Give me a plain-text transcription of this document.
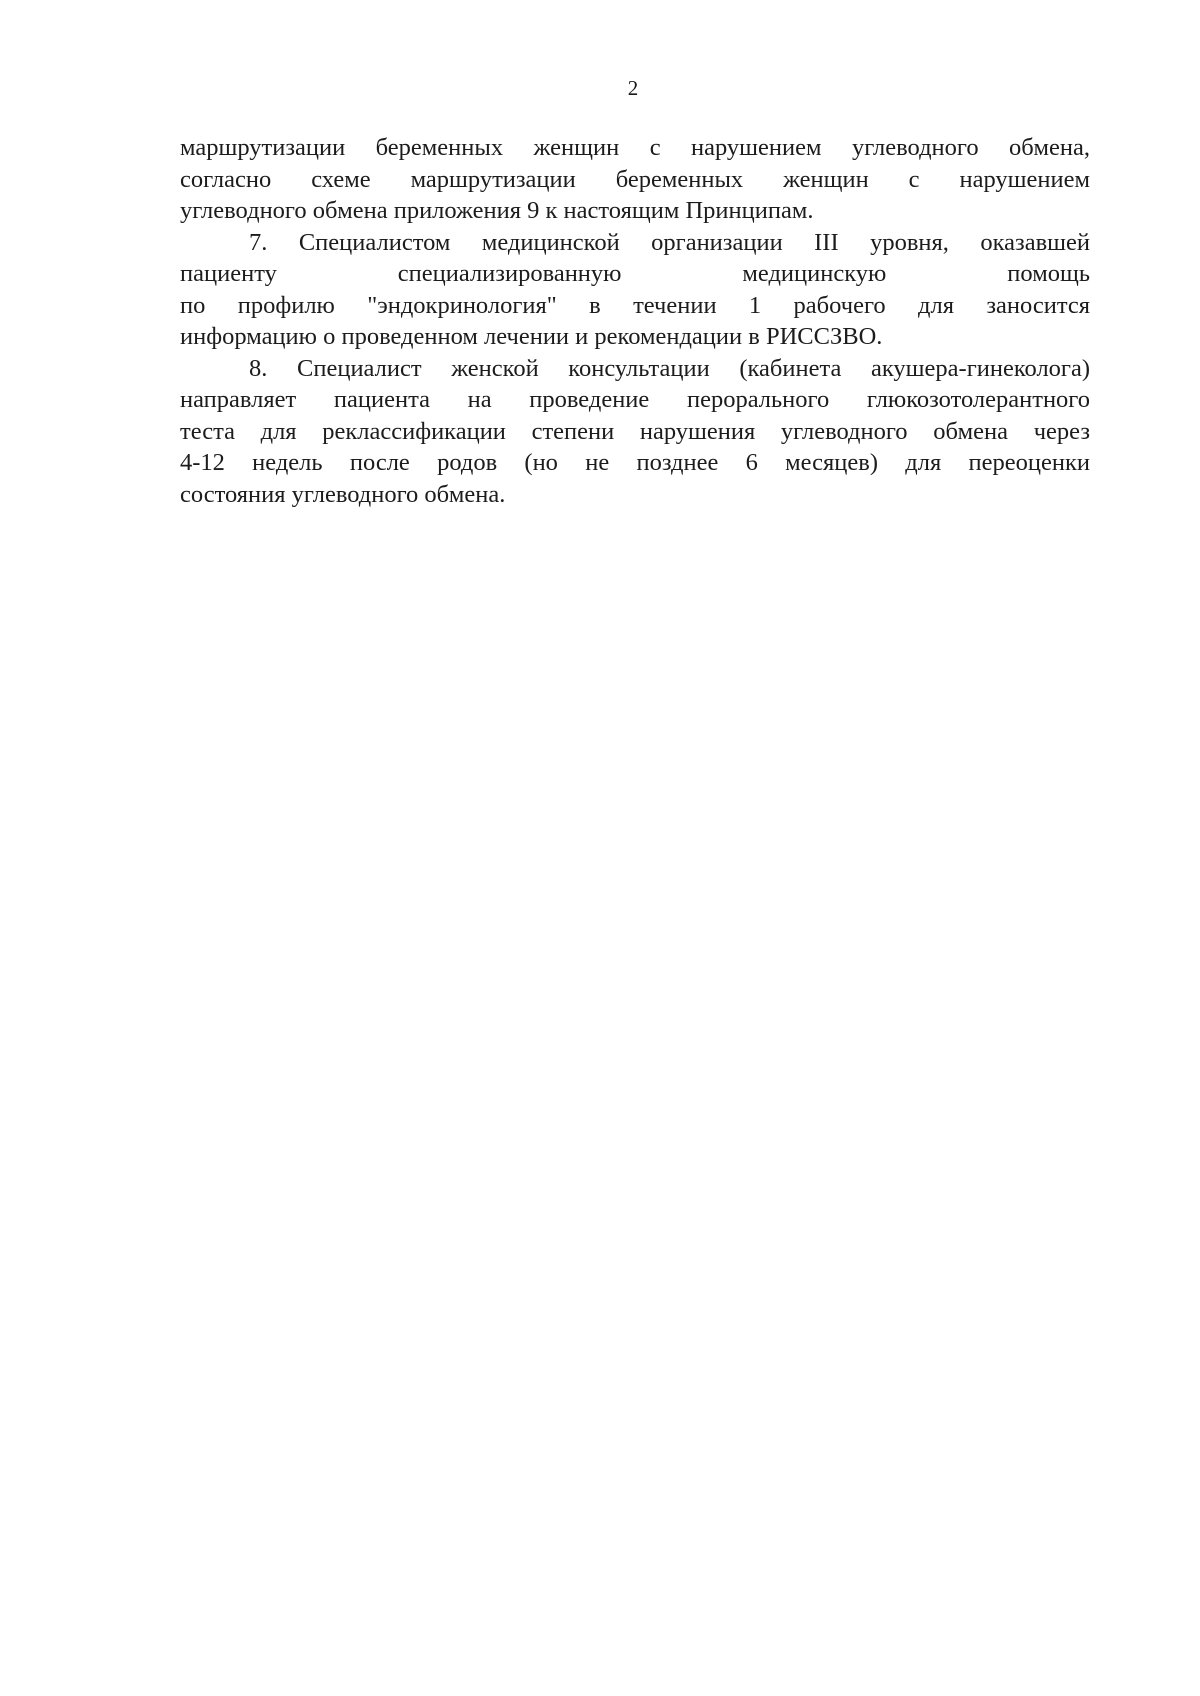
2
маршрутизации беременных женщин с нарушением углеводного обмена,
согласно схеме маршрутизации беременных женщин с нарушением
углеводного обмена приложения 9 к настоящим Принципам.
7. Специалистом медицинской организации III уровня, оказавшей
пациенту специализированную медицинскую помощь
по профилю "эндокринология" в течении 1 рабочего для заносится
информацию о проведенном лечении и рекомендации в РИССЗВО.
8. Специалист женской консультации (кабинета акушера-гинеколога)
направляет пациента на проведение перорального глюкозотолерантного
теста для реклассификации степени нарушения углеводного обмена через
4-12 недель после родов (но не позднее 6 месяцев) для переоценки
состояния углеводного обмена.
